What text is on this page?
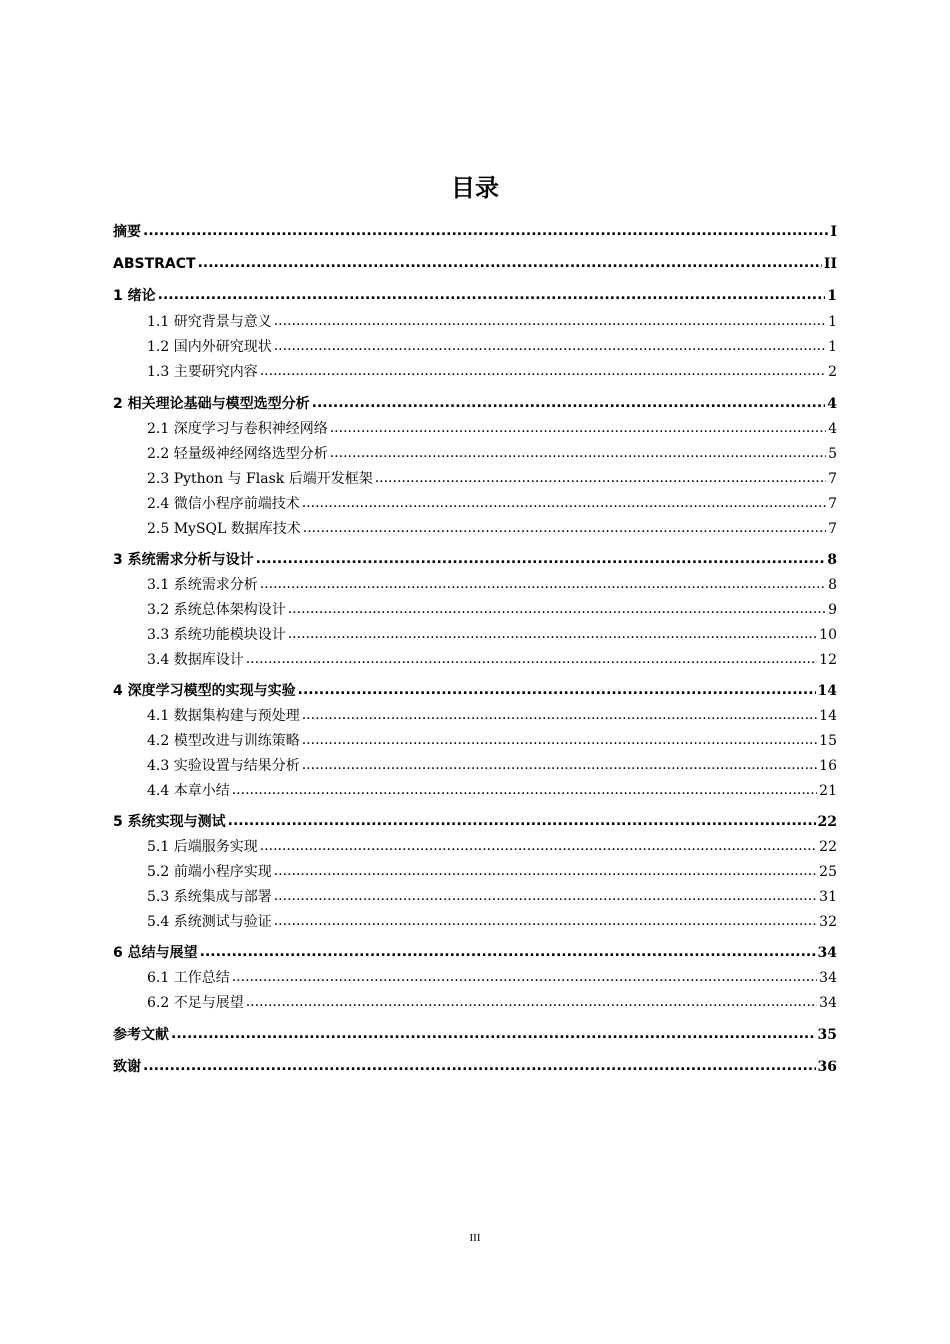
目录
摘要 .....	I
ABSTRACT .....	II
1 绪论 .....	1
1.1 研究背景与意义 .....	1
1.2 国内外研究现状 .....	1
1.3 主要研究内容 .....	2
2 相关理论基础与模型选型分析 .....	4
2.1 深度学习与卷积神经网络 .....	4
2.2 轻量级神经网络选型分析 .....	5
2.3 Python 与 Flask 后端开发框架 .....	7
2.4 微信小程序前端技术 .....	7
2.5 MySQL 数据库技术 .....	7
3 系统需求分析与设计 .....	8
3.1 系统需求分析 .....	8
3.2 系统总体架构设计 .....	9
3.3 系统功能模块设计 .....	10
3.4 数据库设计 .....	12
4 深度学习模型的实现与实验 .....	14
4.1 数据集构建与预处理 .....	14
4.2 模型改进与训练策略 .....	15
4.3 实验设置与结果分析 .....	16
4.4 本章小结 .....	21
5 系统实现与测试 .....	22
5.1 后端服务实现 .....	22
5.2 前端小程序实现 .....	25
5.3 系统集成与部署 .....	31
5.4 系统测试与验证 .....	32
6 总结与展望 .....	34
6.1 工作总结 .....	34
6.2 不足与展望 .....	34
参考文献 .....	35
致谢 .....	36
III
